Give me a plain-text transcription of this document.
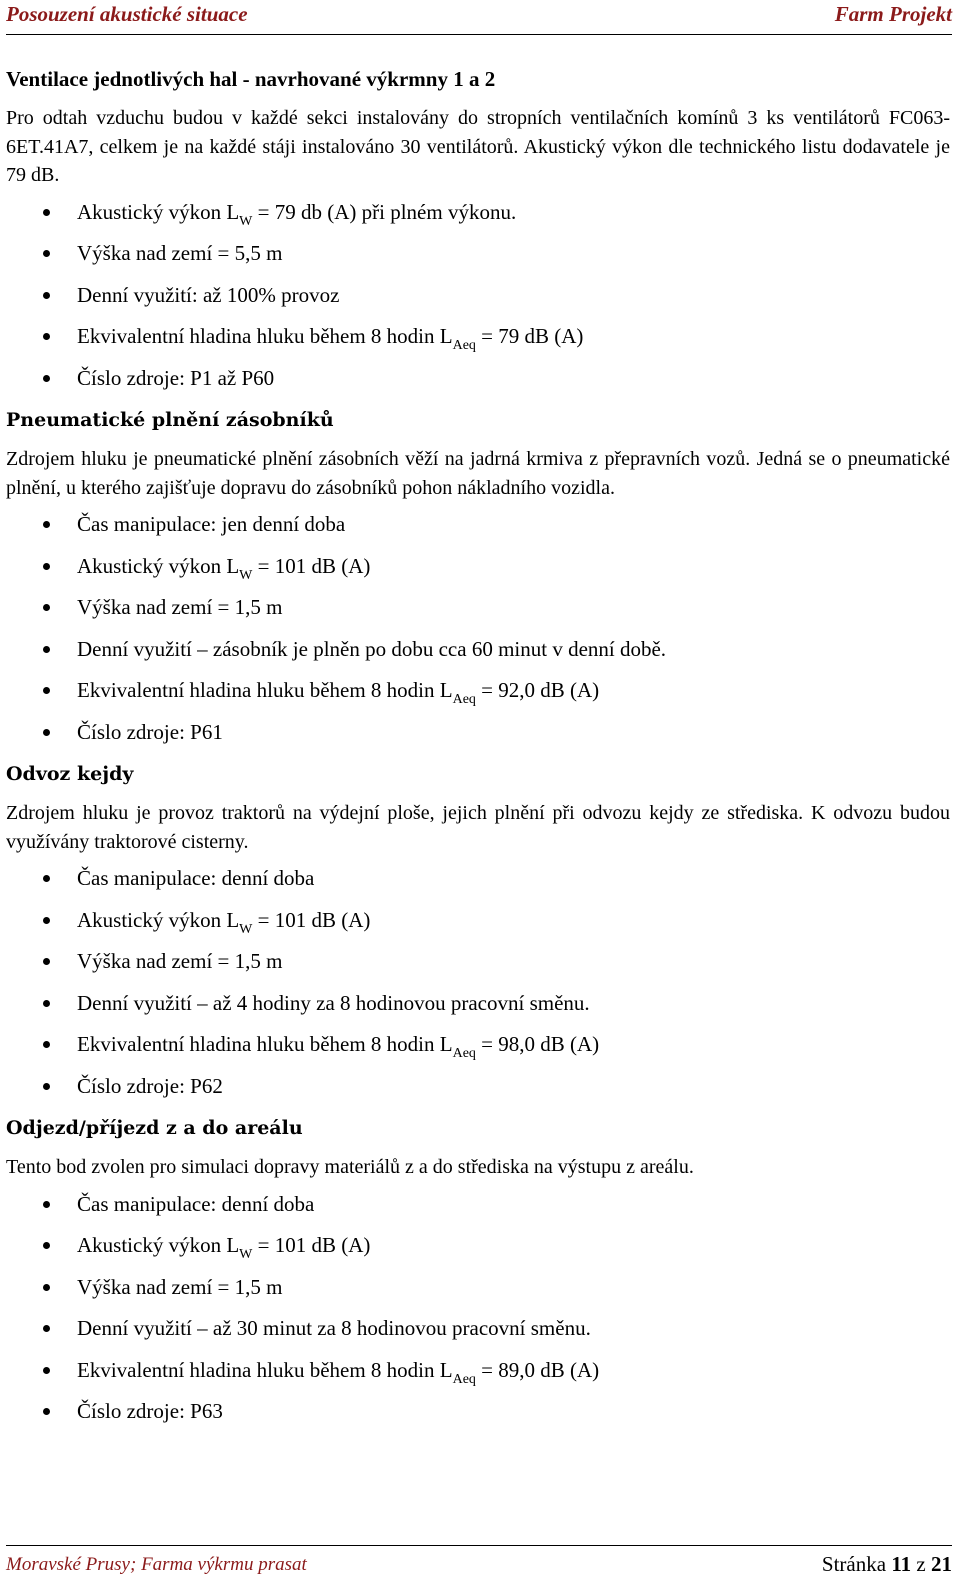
Posouzení akustické situace	Farm Projekt
Ventilace jednotlivých hal - navrhované výkrmny 1 a 2

Pro odtah vzduchu budou v každé sekci instalovány do stropních ventilačních komínů 3 ks ventilátorů FC063-6ET.41A7, celkem je na každé stáji instalováno 30 ventilátorů. Akustický výkon dle technického listu dodavatele je 79 dB.

Akustický výkon $L_W = 79$ db (A) při plném výkonu.
Výška nad zemí = 5,5 m
Denní využití: až 100% provoz
Ekvivalentní hladina hluku během 8 hodin $L_{Aeq} = 79$ dB (A)
Číslo zdroje: P1 až P60
Pneumatické plnění zásobníků

Zdrojem hluku je pneumatické plnění zásobních věží na jadrná krmiva z přepravních vozů. Jedná se o pneumatické plnění, u kterého zajišťuje dopravu do zásobníků pohon nákladního vozidla.

Čas manipulace: jen denní doba
Akustický výkon $L_W = 101$ dB (A)
Výška nad zemí = 1,5 m
Denní využití – zásobník je plněn po dobu cca 60 minut v denní době.
Ekvivalentní hladina hluku během 8 hodin $L_{Aeq} = 92,0$ dB (A)
Číslo zdroje: P61
Odvoz kejdy

Zdrojem hluku je provoz traktorů na výdejní ploše, jejich plnění při odvozu kejdy ze střediska. K odvozu budou využívány traktorové cisterny.

Čas manipulace: denní doba
Akustický výkon $L_W = 101$ dB (A)
Výška nad zemí = 1,5 m
Denní využití – až 4 hodiny za 8 hodinovou pracovní směnu.
Ekvivalentní hladina hluku během 8 hodin $L_{Aeq} = 98,0$ dB (A)
Číslo zdroje: P62
Odjezd/příjezd z a do areálu

Tento bod zvolen pro simulaci dopravy materiálů z a do střediska na výstupu z areálu.

Čas manipulace: denní doba
Akustický výkon $L_W = 101$ dB (A)
Výška nad zemí = 1,5 m
Denní využití – až 30 minut za 8 hodinovou pracovní směnu.
Ekvivalentní hladina hluku během 8 hodin $L_{Aeq} = 89,0$ dB (A)
Číslo zdroje: P63
Moravské Prusy; Farma výkrmu prasat	Stránka 11 z 21
